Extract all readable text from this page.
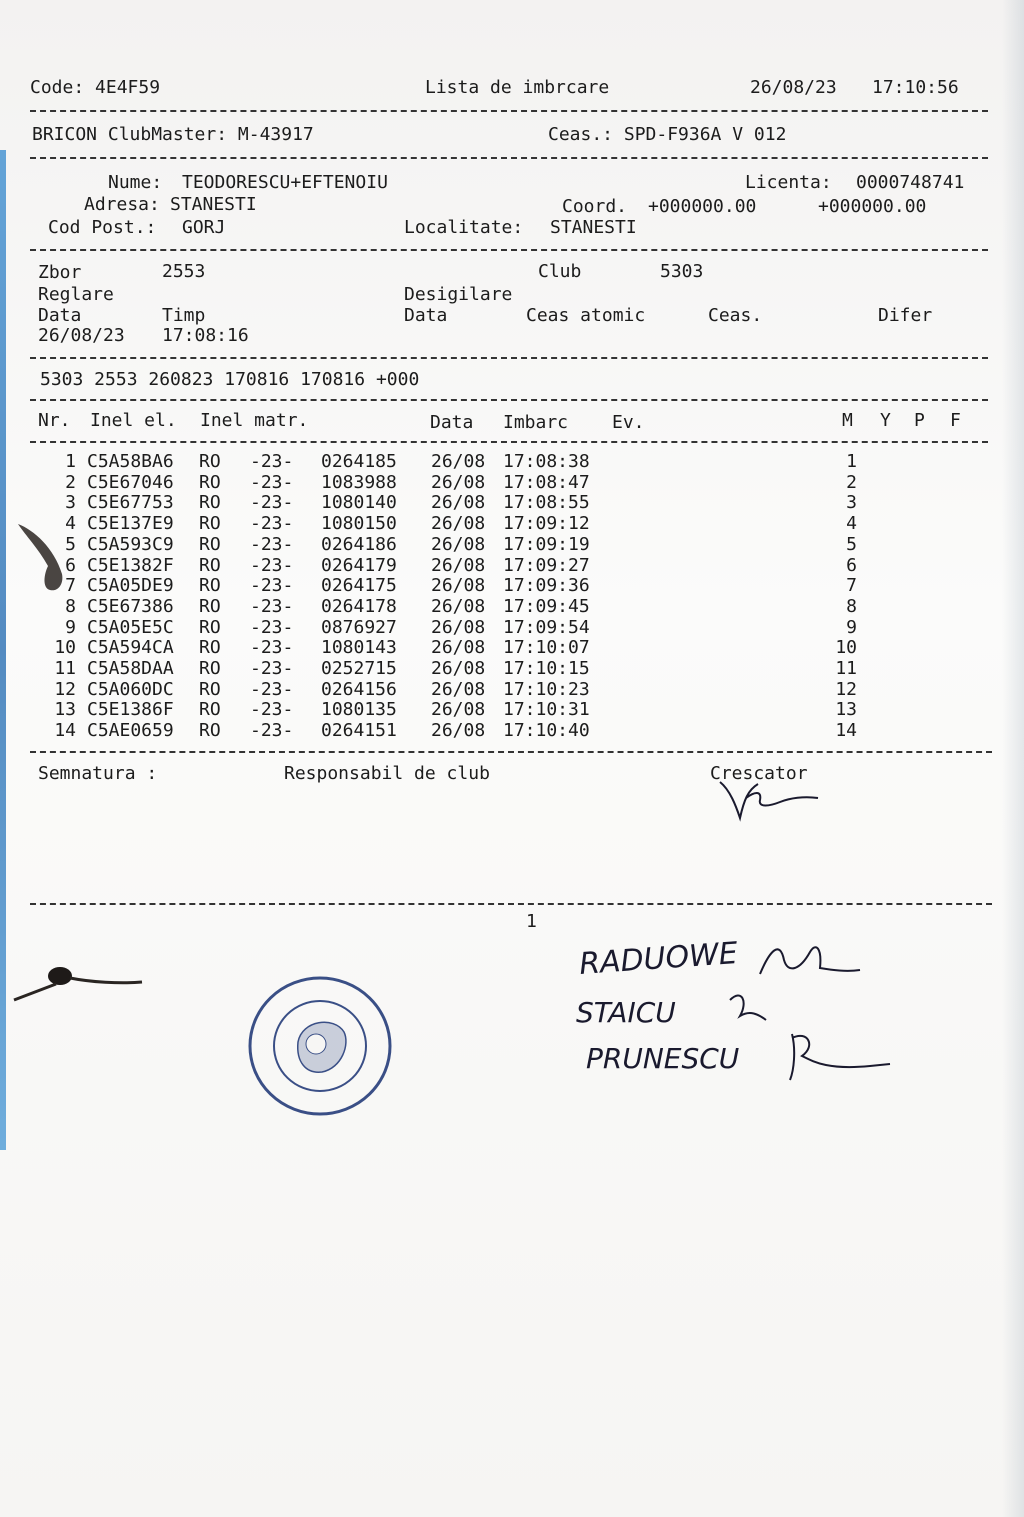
Code: 4E4F59	Lista de imbrcare	26/08/23 17:10:56
BRICON ClubMaster: M-43917	Ceas.: SPD-F936A V 012
Nume: TEODORESCU+EFTENOIU	Licenta: 0000748741
Adresa: STANESTI	Coord. +000000.00	+000000.00
Cod Post.: GORJ	Localitate: STANESTI
Zbor	2553	Club	5303
Reglare	Desigilare
Data	Timp	Data	Ceas atomic	Ceas.	Difer
26/08/23 17:08:16
5303 2553 260823 170816 170816 +000
Nr. Inel el. Inel matr.	Data Imbarc Ev.	M Y P F
1 C5A58BA6 RO -23- 0264185 26/08 17:08:38	1
2 C5E67046 RO -23- 1083988 26/08 17:08:47	2
3 C5E67753 RO -23- 1080140 26/08 17:08:55	3
4 C5E137E9 RO -23- 1080150 26/08 17:09:12	4
5 C5A593C9 RO -23- 0264186 26/08 17:09:19	5
6 C5E1382F RO -23- 0264179 26/08 17:09:27	6
7 C5A05DE9 RO -23- 0264175 26/08 17:09:36	7
8 C5E67386 RO -23- 0264178 26/08 17:09:45	8
9 C5A05E5C RO -23- 0876927 26/08 17:09:54	9
10 C5A594CA RO -23- 1080143 26/08 17:10:07	10
11 C5A58DAA RO -23- 0252715 26/08 17:10:15	11
12 C5A060DC RO -23- 0264156 26/08 17:10:23	12
13 C5E1386F RO -23- 1080135 26/08 17:10:31	13
14 C5AE0659 RO -23- 0264151 26/08 17:10:40	14
Semnatura :	Responsabil de club	Crescator
1
RADUOWE
STAICU
PRUNESCU
